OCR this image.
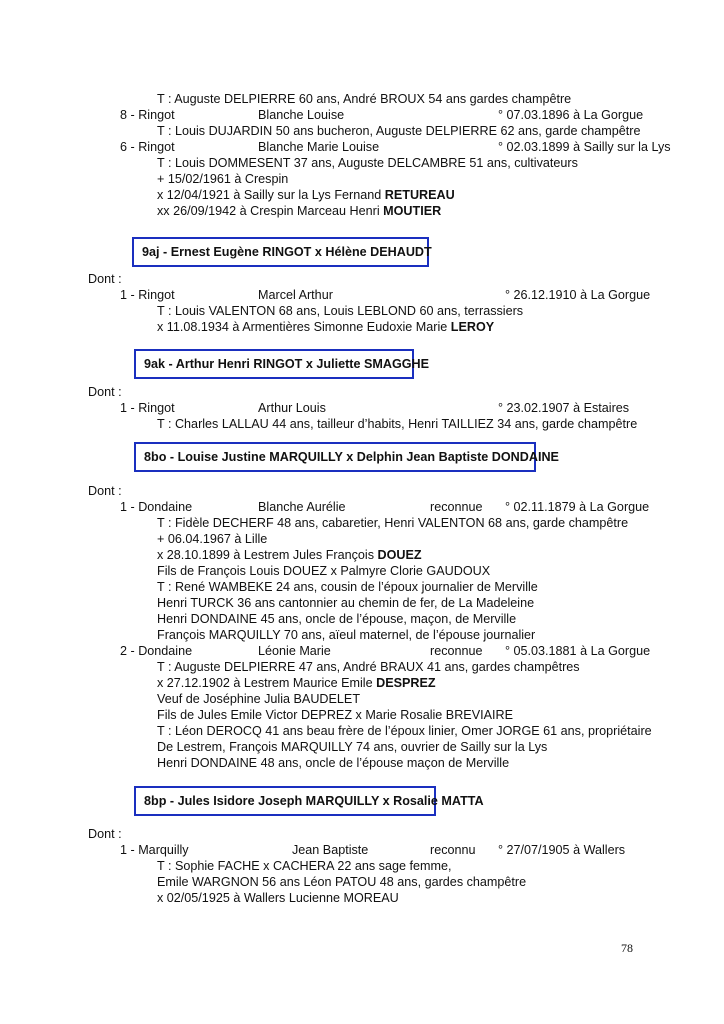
T : Auguste DELPIERRE 60 ans, André BROUX 54 ans gardes champêtre
8 - Ringot	Blanche Louise	° 07.03.1896 à La Gorgue
T : Louis DUJARDIN 50 ans bucheron, Auguste DELPIERRE 62 ans, garde champêtre
6 - Ringot	Blanche Marie Louise	° 02.03.1899 à Sailly sur la Lys
T : Louis DOMMESENT 37 ans, Auguste DELCAMBRE 51 ans, cultivateurs
+ 15/02/1961 à Crespin
x 12/04/1921 à Sailly sur la Lys Fernand RETUREAU
xx 26/09/1942 à Crespin Marceau Henri MOUTIER
9aj - Ernest Eugène RINGOT x Hélène DEHAUDT
Dont :
1 - Ringot	Marcel Arthur	° 26.12.1910 à La Gorgue
T : Louis VALENTON 68 ans, Louis LEBLOND 60 ans, terrassiers
x 11.08.1934 à Armentières Simonne Eudoxie Marie LEROY
9ak - Arthur Henri RINGOT x Juliette SMAGGHE
Dont :
1 - Ringot	Arthur Louis	° 23.02.1907 à Estaires
T : Charles LALLAU 44 ans, tailleur d’habits, Henri TAILLIEZ 34 ans, garde champêtre
8bo - Louise Justine MARQUILLY x Delphin Jean Baptiste DONDAINE
Dont :
1 - Dondaine	Blanche Aurélie	reconnue ° 02.11.1879 à La Gorgue
T : Fidèle DECHERF 48 ans, cabaretier, Henri VALENTON 68 ans, garde champêtre
+ 06.04.1967 à Lille
x 28.10.1899 à Lestrem Jules François DOUEZ
Fils de François Louis DOUEZ x Palmyre Clorie GAUDOUX
T : René WAMBEKE 24 ans, cousin de l’époux journalier de Merville
Henri TURCK 36 ans cantonnier au chemin de fer, de La Madeleine
Henri DONDAINE 45 ans, oncle de l’épouse, maçon, de Merville
François MARQUILLY 70 ans, aïeul maternel, de l’épouse journalier
2 - Dondaine	Léonie Marie	reconnue ° 05.03.1881 à La Gorgue
T : Auguste DELPIERRE 47 ans, André BRAUX 41 ans, gardes champêtres
x 27.12.1902 à Lestrem Maurice Emile DESPREZ
Veuf de Joséphine Julia BAUDELET
Fils de Jules Emile Victor DEPREZ x Marie Rosalie BREVIAIRE
T : Léon DEROCQ 41 ans beau frère de l’époux linier, Omer JORGE 61 ans, propriétaire
De Lestrem, François MARQUILLY 74 ans, ouvrier de Sailly sur la Lys
Henri DONDAINE 48 ans, oncle de l’épouse maçon de Merville
8bp - Jules Isidore Joseph MARQUILLY x Rosalie MATTA
Dont :
1 - Marquilly	Jean Baptiste	reconnu ° 27/07/1905 à Wallers
T : Sophie FACHE x CACHERA 22 ans sage femme,
Emile WARGNON 56 ans Léon PATOU 48 ans, gardes champêtre
x 02/05/1925 à Wallers Lucienne MOREAU
78
